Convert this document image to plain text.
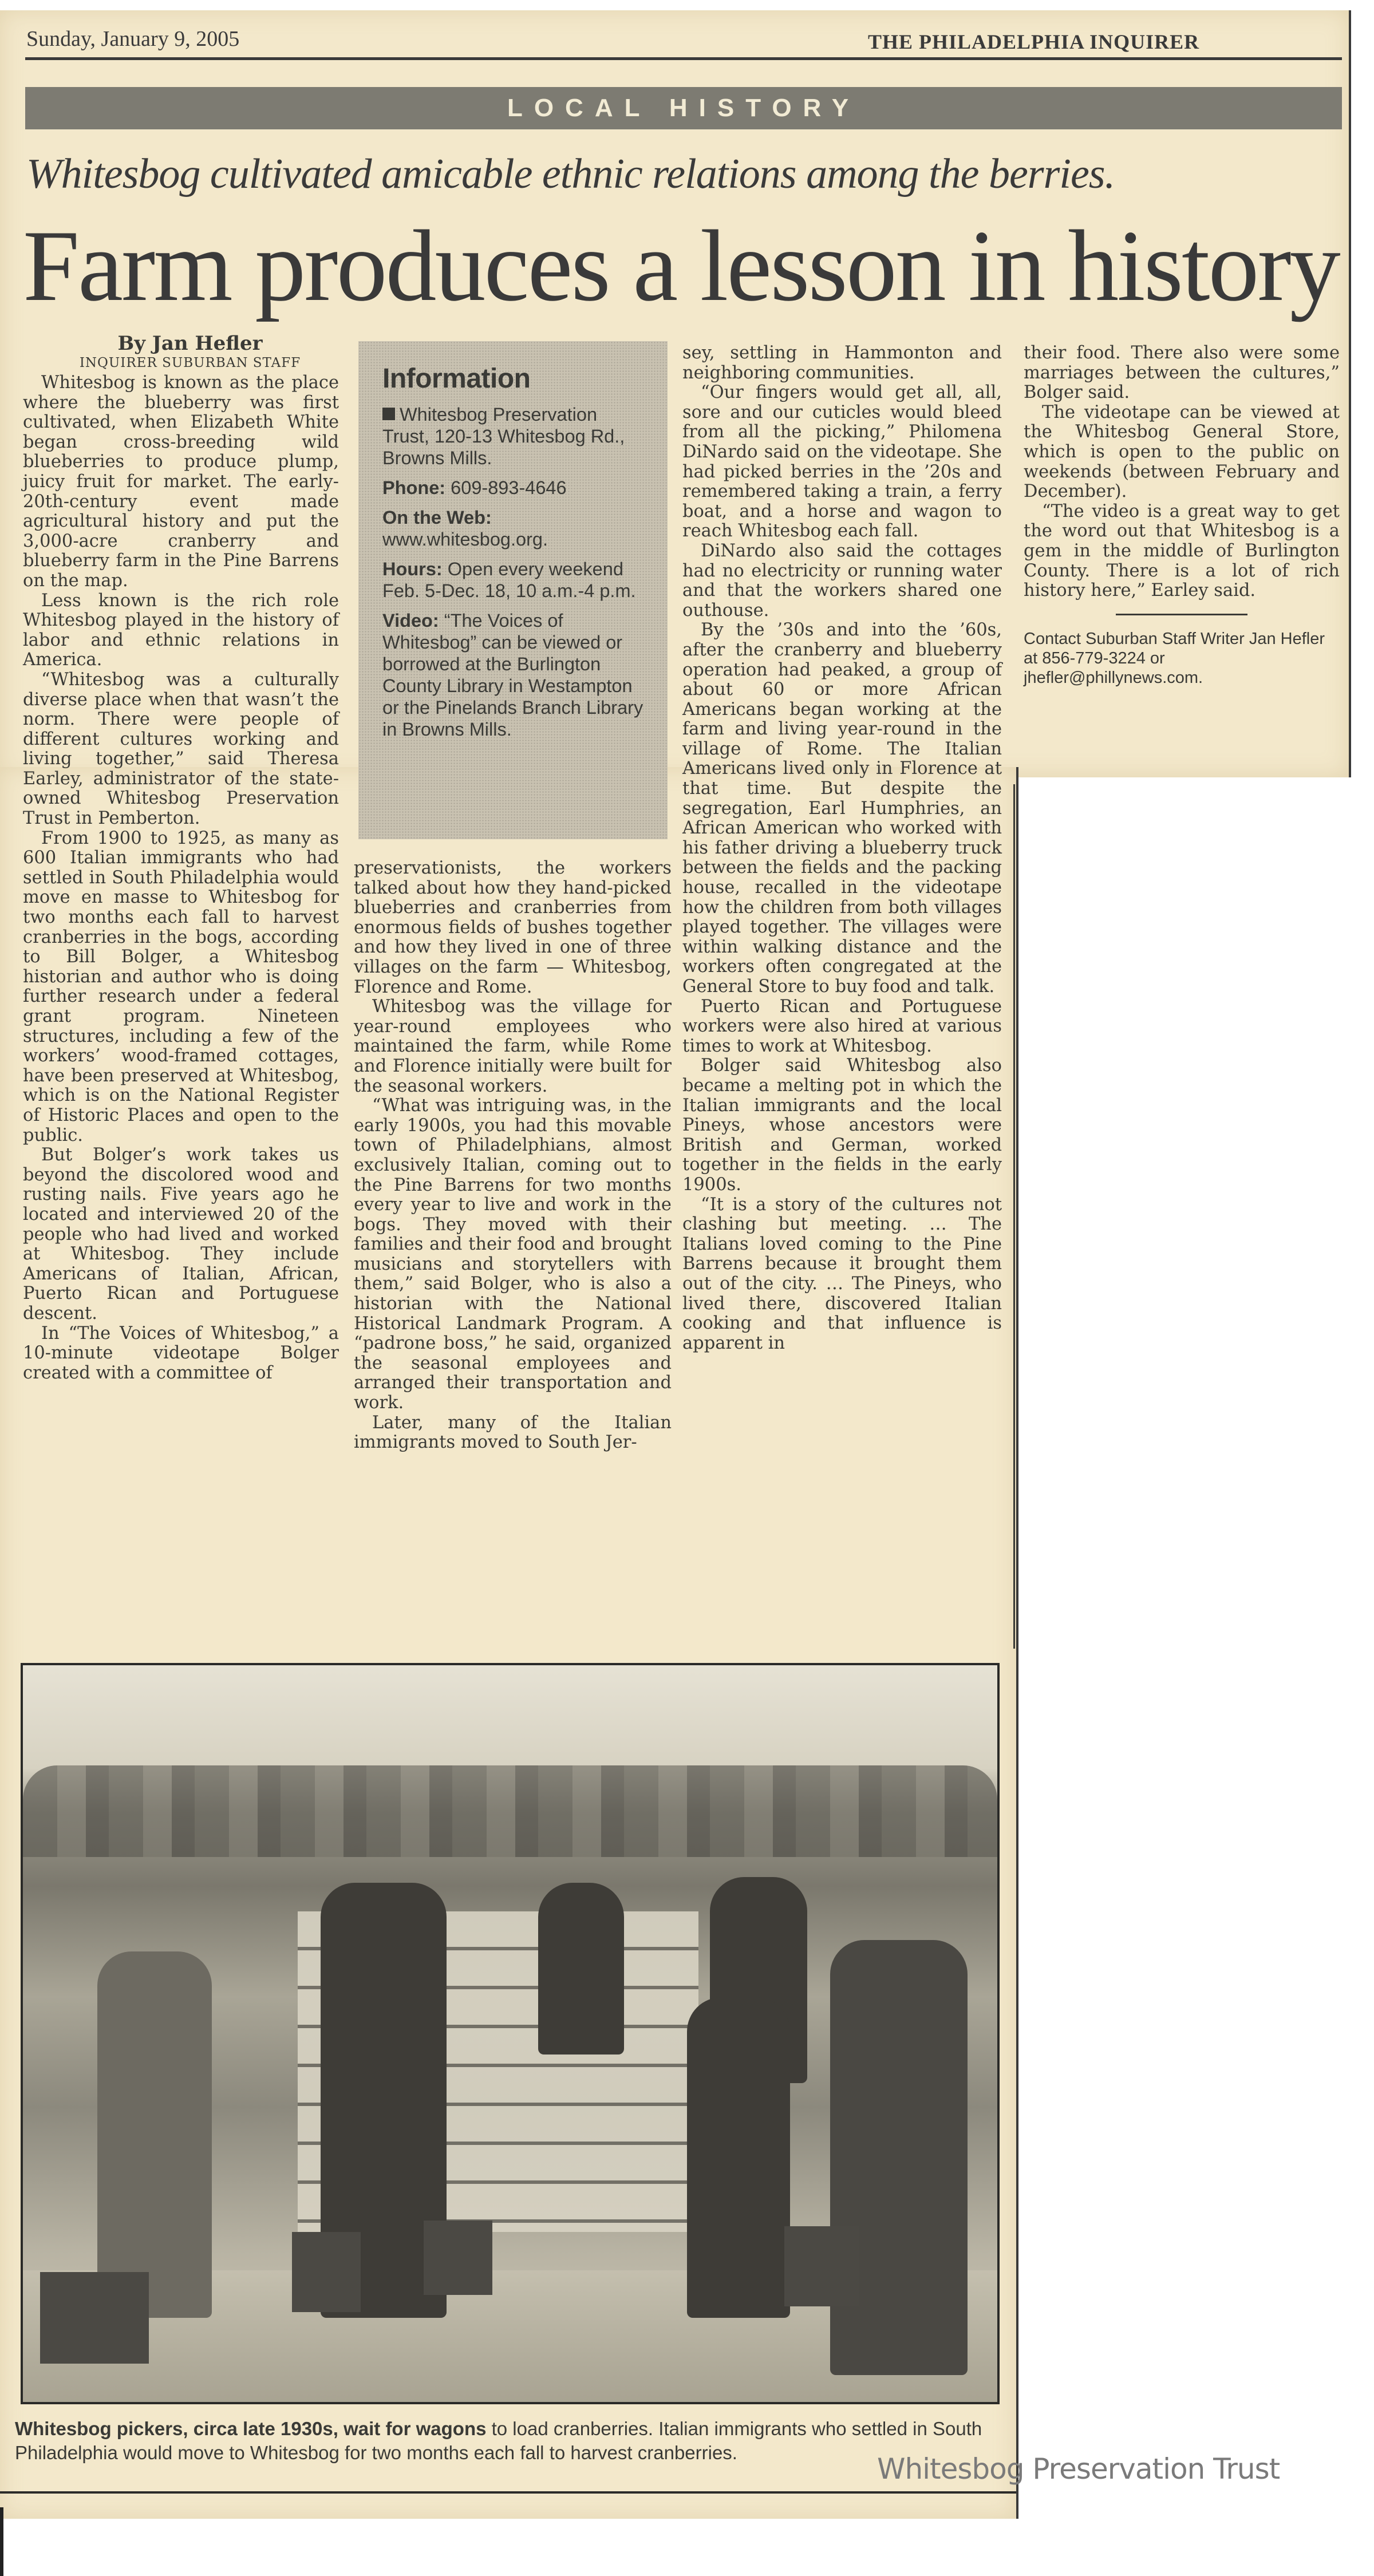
Sunday, January 9, 2005	THE PHILADELPHIA INQUIRER
LOCAL HISTORY
Whitesbog cultivated amicable ethnic relations among the berries.
Farm produces a lesson in history

By Jan Hefler
INQUIRER SUBURBAN STAFF

Whitesbog is known as the place where the blueberry was first cultivated, when Elizabeth White began cross-breeding wild blueberries to produce plump, juicy fruit for market. The early-20th-century event made agricultural history and put the 3,000-acre cranberry and blueberry farm in the Pine Barrens on the map.

Less known is the rich role Whitesbog played in the history of labor and ethnic relations in America.

“Whitesbog was a culturally diverse place when that wasn’t the norm. There were people of different cultures working and living together,” said Theresa Earley, administrator of the state-owned Whitesbog Preservation Trust in Pemberton.

From 1900 to 1925, as many as 600 Italian immigrants who had settled in South Philadelphia would move en masse to Whitesbog for two months each fall to harvest cranberries in the bogs, according to Bill Bolger, a Whitesbog historian and author who is doing further research under a federal grant program. Nineteen structures, including a few of the workers’ wood-framed cottages, have been preserved at Whitesbog, which is on the National Register of Historic Places and open to the public.

But Bolger’s work takes us beyond the discolored wood and rusting nails. Five years ago he located and interviewed 20 of the people who had lived and worked at Whitesbog. They include Americans of Italian, African, Puerto Rican and Portuguese descent.

In “The Voices of Whitesbog,” a 10-minute videotape Bolger created with a committee of

Information
Whitesbog Preservation Trust, 120-13 Whitesbog Rd., Browns Mills.
Phone: 609-893-4646
On the Web:
www.whitesbog.org.
Hours: Open every weekend Feb. 5-Dec. 18, 10 a.m.-4 p.m.
Video: “The Voices of Whitesbog” can be viewed or borrowed at the Burlington County Library in Westampton or the Pinelands Branch Library in Browns Mills.

preservationists, the workers talked about how they hand-picked blueberries and cranberries from enormous fields of bushes together and how they lived in one of three villages on the farm — Whitesbog, Florence and Rome.

Whitesbog was the village for year-round employees who maintained the farm, while Rome and Florence initially were built for the seasonal workers.

“What was intriguing was, in the early 1900s, you had this movable town of Philadelphians, almost exclusively Italian, coming out to the Pine Barrens for two months every year to live and work in the bogs. They moved with their families and their food and brought musicians and storytellers with them,” said Bolger, who is also a historian with the National Historical Landmark Program. A “padrone boss,” he said, organized the seasonal employees and arranged their transportation and work.

Later, many of the Italian immigrants moved to South Jer-

sey, settling in Hammonton and neighboring communities.

“Our fingers would get all, all, sore and our cuticles would bleed from all the picking,” Philomena DiNardo said on the videotape. She had picked berries in the ’20s and remembered taking a train, a ferry boat, and a horse and wagon to reach Whitesbog each fall.

DiNardo also said the cottages had no electricity or running water and that the workers shared one outhouse.

By the ’30s and into the ’60s, after the cranberry and blueberry operation had peaked, a group of about 60 or more African Americans began working at the farm and living year-round in the village of Rome. The Italian Americans lived only in Florence at that time. But despite the segregation, Earl Humphries, an African American who worked with his father driving a blueberry truck between the fields and the packing house, recalled in the videotape how the children from both villages played together. The villages were within walking distance and the workers often congregated at the General Store to buy food and talk.

Puerto Rican and Portuguese workers were also hired at various times to work at Whitesbog.

Bolger said Whitesbog also became a melting pot in which the Italian immigrants and the local Pineys, whose ancestors were British and German, worked together in the fields in the early 1900s.

“It is a story of the cultures not clashing but meeting. … The Italians loved coming to the Pine Barrens because it brought them out of the city. … The Pineys, who lived there, discovered Italian cooking and that influence is apparent in

their food. There also were some marriages between the cultures,” Bolger said.

The videotape can be viewed at the Whitesbog General Store, which is open to the public on weekends (between February and December).

“The video is a great way to get the word out that Whitesbog is a gem in the middle of Burlington County. There is a lot of rich history here,” Earley said.

Contact Suburban Staff Writer Jan Hefler at 856-779-3224 or jhefler@phillynews.com.

Whitesbog pickers, circa late 1930s, wait for wagons to load cranberries. Italian immigrants who settled in South Philadelphia would move to Whitesbog for two months each fall to harvest cranberries.	Whitesbog Preservation Trust
